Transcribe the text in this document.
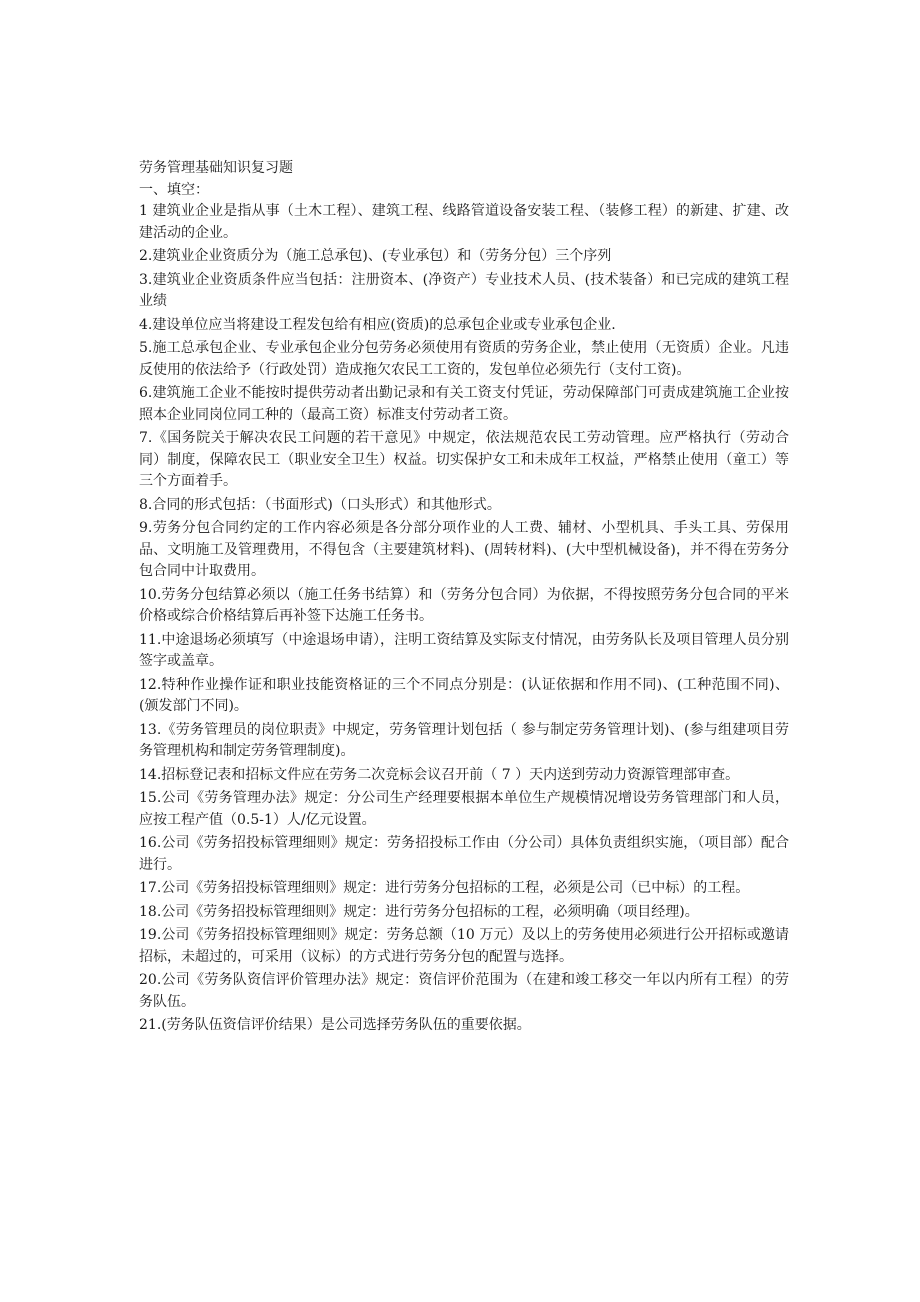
劳务管理基础知识复习题

一、填空：

1 建筑业企业是指从事（土木工程）、建筑工程、线路管道设备安装工程、（装修工程）的新建、扩建、改建活动的企业。

2.建筑业企业资质分为（施工总承包)、(专业承包）和（劳务分包）三个序列

3.建筑业企业资质条件应当包括：注册资本、(净资产）专业技术人员、(技术装备）和已完成的建筑工程业绩

4.建设单位应当将建设工程发包给有相应(资质)的总承包企业或专业承包企业.

5.施工总承包企业、专业承包企业分包劳务必须使用有资质的劳务企业，禁止使用（无资质）企业。凡违反使用的依法给予（行政处罚）造成拖欠农民工工资的，发包单位必须先行（支付工资)。

6.建筑施工企业不能按时提供劳动者出勤记录和有关工资支付凭证，劳动保障部门可责成建筑施工企业按照本企业同岗位同工种的（最高工资）标准支付劳动者工资。

7.《国务院关于解决农民工问题的若干意见》中规定，依法规范农民工劳动管理。应严格执行（劳动合同）制度，保障农民工（职业安全卫生）权益。切实保护女工和未成年工权益，严格禁止使用（童工）等三个方面着手。

8.合同的形式包括：（书面形式)（口头形式）和其他形式。

9.劳务分包合同约定的工作内容必须是各分部分项作业的人工费、辅材、小型机具、手头工具、劳保用品、文明施工及管理费用，不得包含（主要建筑材料)、(周转材料)、(大中型机械设备)，并不得在劳务分包合同中计取费用。

10.劳务分包结算必须以（施工任务书结算）和（劳务分包合同）为依据，不得按照劳务分包合同的平米价格或综合价格结算后再补签下达施工任务书。

11.中途退场必须填写（中途退场申请），注明工资结算及实际支付情况，由劳务队长及项目管理人员分别签字或盖章。

12.特种作业操作证和职业技能资格证的三个不同点分别是：(认证依据和作用不同)、(工种范围不同)、(颁发部门不同)。

13.《劳务管理员的岗位职责》中规定，劳务管理计划包括（ 参与制定劳务管理计划)、(参与组建项目劳务管理机构和制定劳务管理制度)。

14.招标登记表和招标文件应在劳务二次竞标会议召开前（ 7 ）天内送到劳动力资源管理部审查。

15.公司《劳务管理办法》规定：分公司生产经理要根据本单位生产规模情况增设劳务管理部门和人员，应按工程产值（0.5-1）人/亿元设置。

16.公司《劳务招投标管理细则》规定：劳务招投标工作由（分公司）具体负责组织实施，（项目部）配合进行。

17.公司《劳务招投标管理细则》规定：进行劳务分包招标的工程，必须是公司（已中标）的工程。

18.公司《劳务招投标管理细则》规定：进行劳务分包招标的工程，必须明确（项目经理)。

19.公司《劳务招投标管理细则》规定：劳务总额（10 万元）及以上的劳务使用必须进行公开招标或邀请招标，未超过的，可采用（议标）的方式进行劳务分包的配置与选择。

20.公司《劳务队资信评价管理办法》规定：资信评价范围为（在建和竣工移交一年以内所有工程）的劳务队伍。

21.(劳务队伍资信评价结果）是公司选择劳务队伍的重要依据。
